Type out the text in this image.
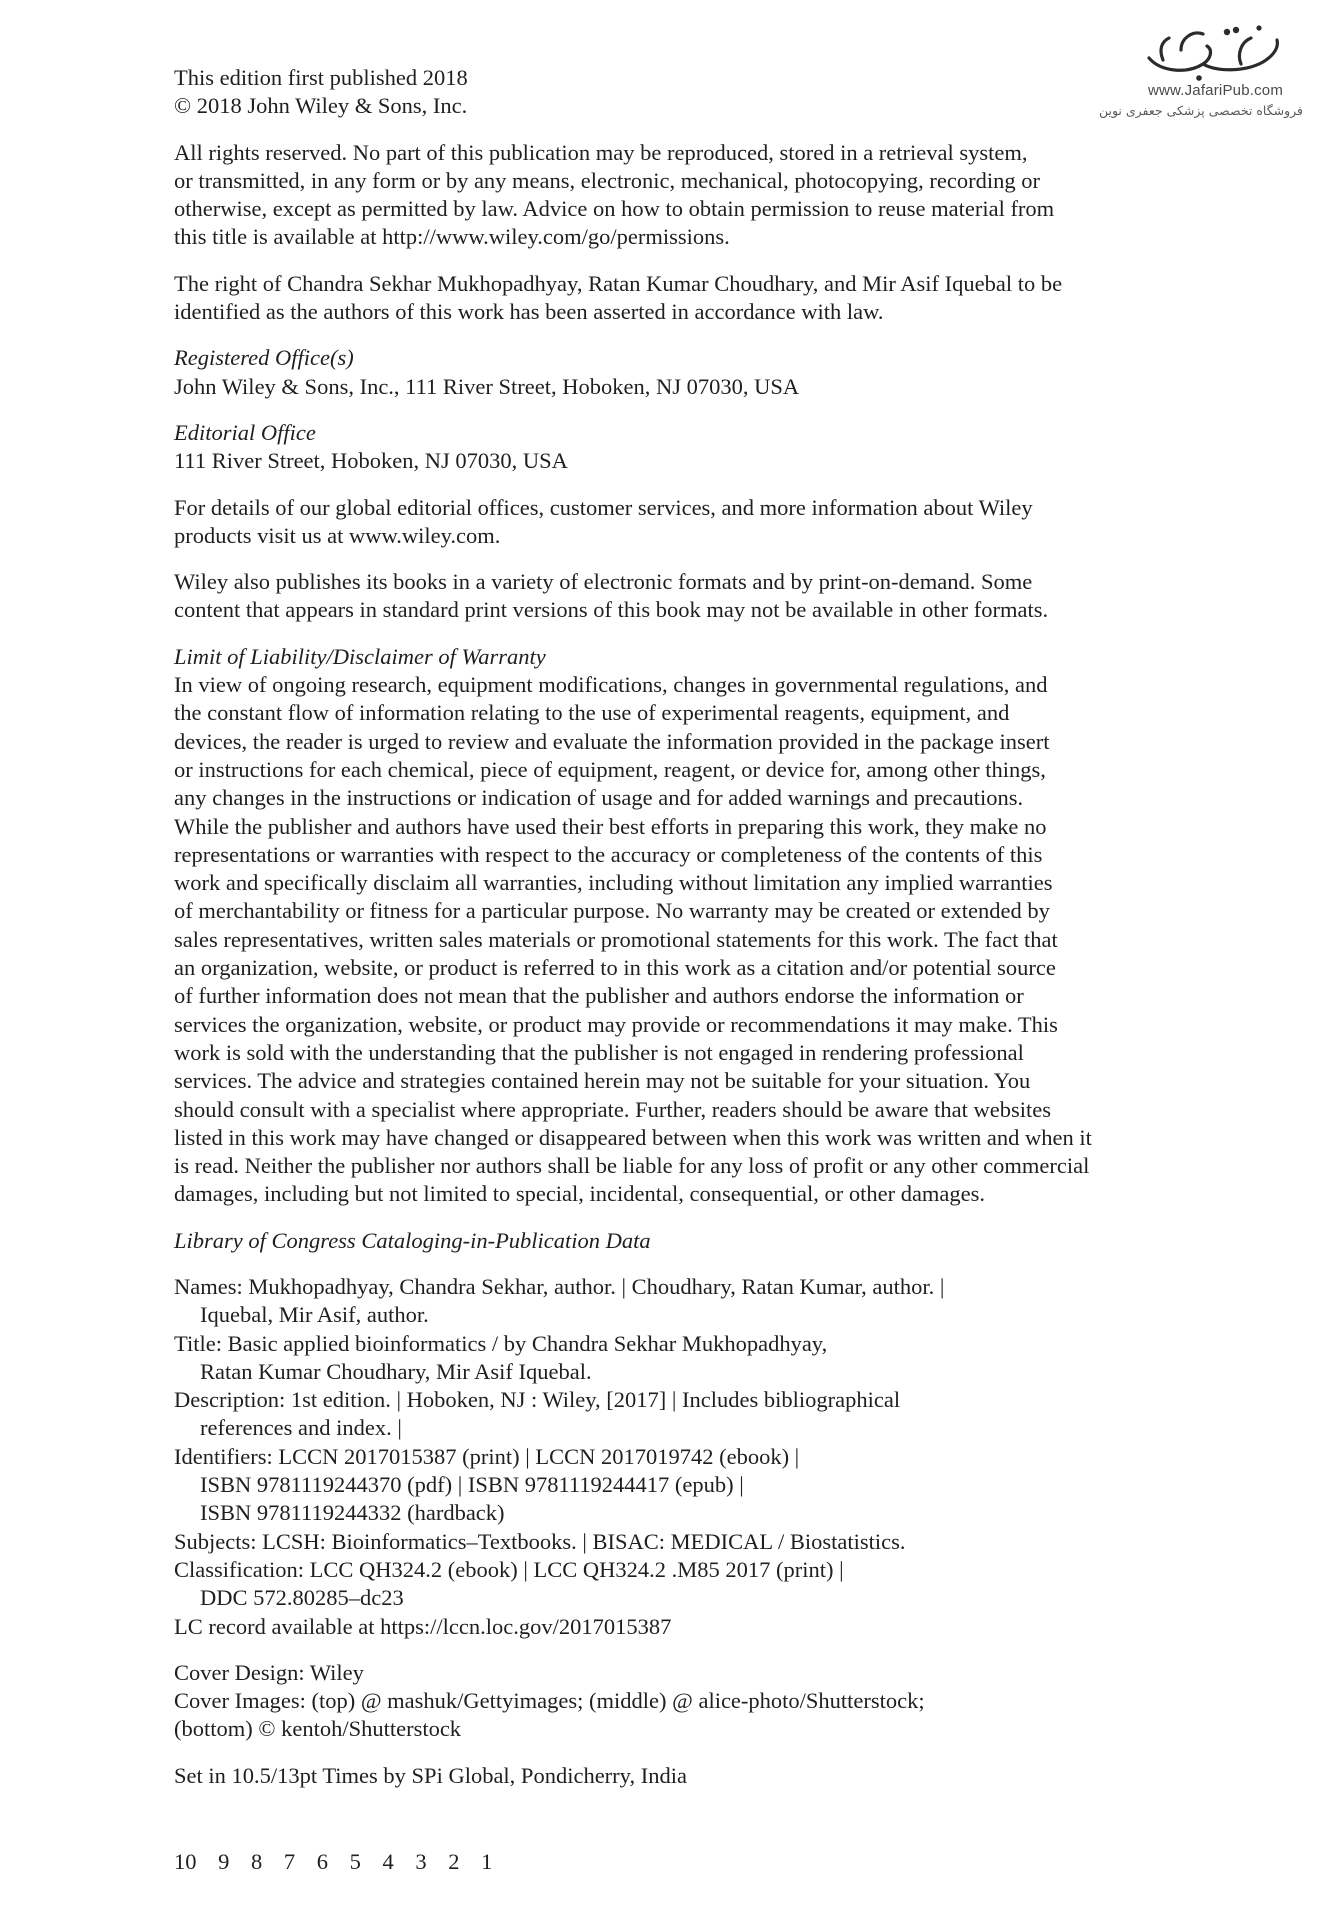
www.JafariPub.com
فروشگاه تخصصی پزشکی جعفری نوین
This edition first published 2018
© 2018 John Wiley & Sons, Inc.
All rights reserved. No part of this publication may be reproduced, stored in a retrieval system,
or transmitted, in any form or by any means, electronic, mechanical, photocopying, recording or
otherwise, except as permitted by law. Advice on how to obtain permission to reuse material from
this title is available at http://www.wiley.com/go/permissions.
The right of Chandra Sekhar Mukhopadhyay, Ratan Kumar Choudhary, and Mir Asif Iquebal to be
identified as the authors of this work has been asserted in accordance with law.
Registered Office(s)
John Wiley & Sons, Inc., 111 River Street, Hoboken, NJ 07030, USA
Editorial Office
111 River Street, Hoboken, NJ 07030, USA
For details of our global editorial offices, customer services, and more information about Wiley
products visit us at www.wiley.com.
Wiley also publishes its books in a variety of electronic formats and by print-on-demand. Some
content that appears in standard print versions of this book may not be available in other formats.
Limit of Liability/Disclaimer of Warranty
In view of ongoing research, equipment modifications, changes in governmental regulations, and
the constant flow of information relating to the use of experimental reagents, equipment, and
devices, the reader is urged to review and evaluate the information provided in the package insert
or instructions for each chemical, piece of equipment, reagent, or device for, among other things,
any changes in the instructions or indication of usage and for added warnings and precautions.
While the publisher and authors have used their best efforts in preparing this work, they make no
representations or warranties with respect to the accuracy or completeness of the contents of this
work and specifically disclaim all warranties, including without limitation any implied warranties
of merchantability or fitness for a particular purpose. No warranty may be created or extended by
sales representatives, written sales materials or promotional statements for this work. The fact that
an organization, website, or product is referred to in this work as a citation and/or potential source
of further information does not mean that the publisher and authors endorse the information or
services the organization, website, or product may provide or recommendations it may make. This
work is sold with the understanding that the publisher is not engaged in rendering professional
services. The advice and strategies contained herein may not be suitable for your situation. You
should consult with a specialist where appropriate. Further, readers should be aware that websites
listed in this work may have changed or disappeared between when this work was written and when it
is read. Neither the publisher nor authors shall be liable for any loss of profit or any other commercial
damages, including but not limited to special, incidental, consequential, or other damages.
Library of Congress Cataloging-in-Publication Data
Names: Mukhopadhyay, Chandra Sekhar, author. | Choudhary, Ratan Kumar, author. |
Iquebal, Mir Asif, author.
Title: Basic applied bioinformatics / by Chandra Sekhar Mukhopadhyay,
Ratan Kumar Choudhary, Mir Asif Iquebal.
Description: 1st edition. | Hoboken, NJ : Wiley, [2017] | Includes bibliographical
references and index. |
Identifiers: LCCN 2017015387 (print) | LCCN 2017019742 (ebook) |
ISBN 9781119244370 (pdf) | ISBN 9781119244417 (epub) |
ISBN 9781119244332 (hardback)
Subjects: LCSH: Bioinformatics–Textbooks. | BISAC: MEDICAL / Biostatistics.
Classification: LCC QH324.2 (ebook) | LCC QH324.2 .M85 2017 (print) |
DDC 572.80285–dc23
LC record available at https://lccn.loc.gov/2017015387
Cover Design: Wiley
Cover Images: (top) @ mashuk/Gettyimages; (middle) @ alice-photo/Shutterstock;
(bottom) © kentoh/Shutterstock
Set in 10.5/13pt Times by SPi Global, Pondicherry, India
10 9 8 7 6 5 4 3 2 1
